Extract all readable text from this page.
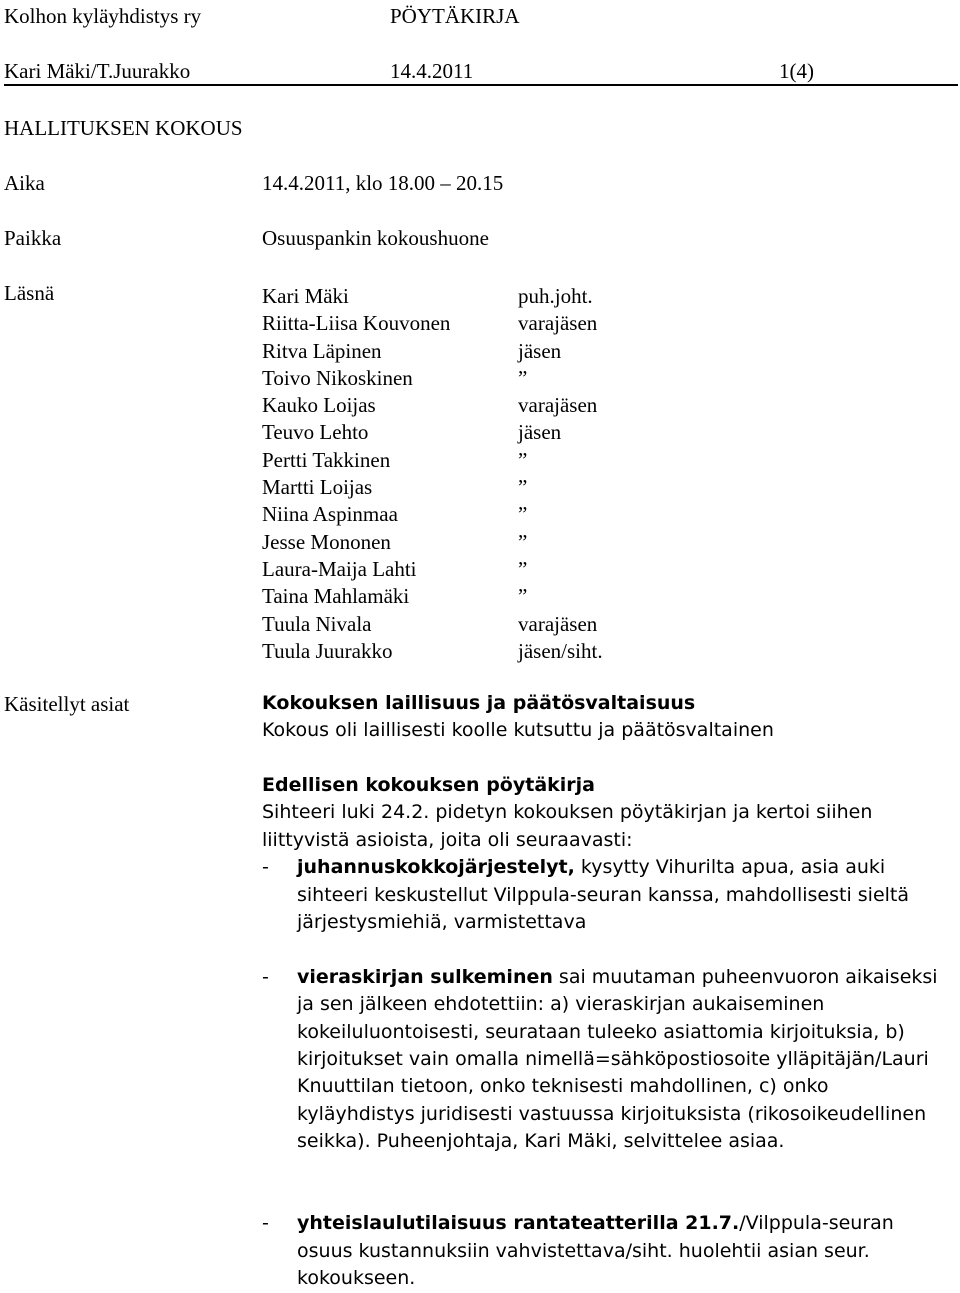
Kolhon kyläyhdistys ry	PÖYTÄKIRJA
Kari Mäki/T.Juurakko	14.4.2011	1(4)
HALLITUKSEN KOKOUS
Aika	14.4.2011, klo 18.00 – 20.15
Paikka	Osuuspankin kokoushuone
Läsnä	Kari Mäki	puh.joht.
Riitta-Liisa Kouvonen	varajäsen
Ritva Läpinen	jäsen
Toivo Nikoskinen	”
Kauko Loijas	varajäsen
Teuvo Lehto	jäsen
Pertti Takkinen	”
Martti Loijas	”
Niina Aspinmaa	”
Jesse Mononen	”
Laura-Maija Lahti	”
Taina Mahlamäki	”
Tuula Nivala	varajäsen
Tuula Juurakko	jäsen/siht.
Käsitellyt asiat	Kokouksen laillisuus ja päätösvaltaisuus
Kokous oli laillisesti koolle kutsuttu ja päätösvaltainen
Edellisen kokouksen pöytäkirja
Sihteeri luki 24.2. pidetyn kokouksen pöytäkirjan ja kertoi siihen liittyvistä asioista, joita oli seuraavasti:
- juhannuskokkojärjestelyt, kysytty Vihurilta apua, asia auki sihteeri keskustellut Vilppula-seuran kanssa, mahdollisesti sieltä järjestysmiehiä, varmistettava
- vieraskirjan sulkeminen sai muutaman puheenvuoron aikaiseksi ja sen jälkeen ehdotettiin: a) vieraskirjan aukaiseminen kokeiluluontoisesti, seurataan tuleeko asiattomia kirjoituksia, b) kirjoitukset vain omalla nimellä=sähköpostiosoite ylläpitäjän/Lauri Knuuttilan tietoon, onko teknisesti mahdollinen, c) onko kyläyhdistys juridisesti vastuussa kirjoituksista (rikosoikeudellinen seikka). Puheenjohtaja, Kari Mäki, selvittelee asiaa.
- yhteislaulutilaisuus rantateatterilla 21.7./Vilppula-seuran osuus kustannuksiin vahvistettava/siht. huolehtii asian seur. kokoukseen.
